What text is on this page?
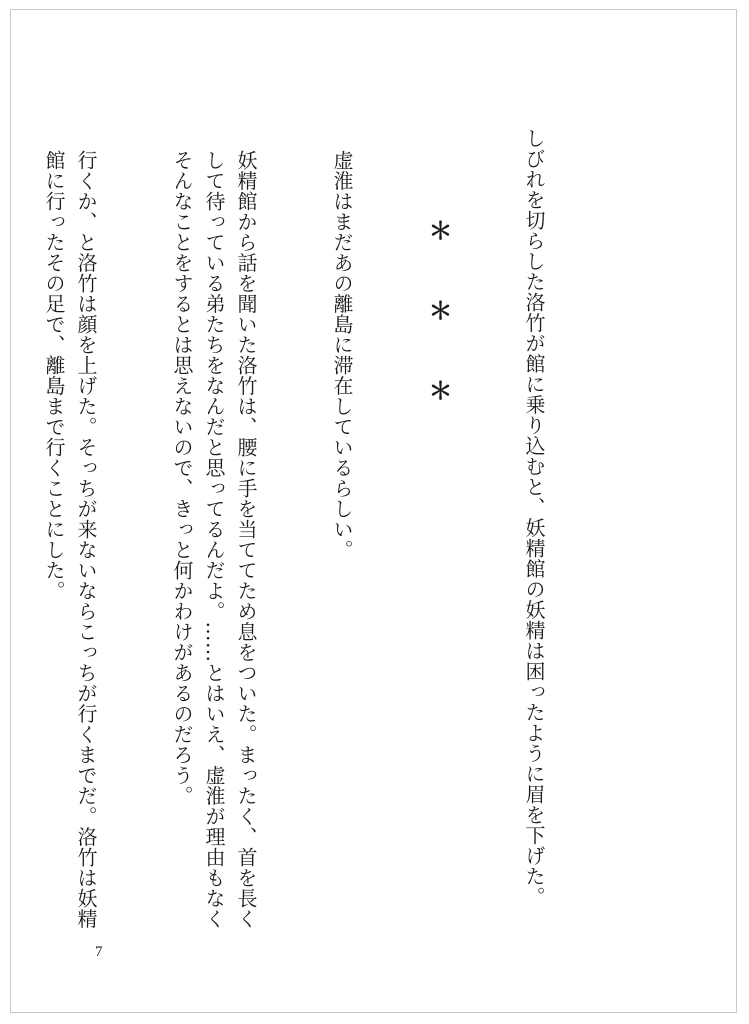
しびれを切らした洛竹が館に乗り込むと、妖精館の妖精は困ったように眉を下げた。

＊＊＊

虚淮はまだあの離島に滞在しているらしい。

妖精館から話を聞いた洛竹は、腰に手を当ててため息をついた。まったく、首を長くして待っている弟たちをなんだと思ってるんだよ。……とはいえ、虚淮が理由もなくそんなことをするとは思えないので、きっと何かわけがあるのだろう。

行くか、と洛竹は顔を上げた。そっちが来ないならこっちが行くまでだ。洛竹は妖精館に行ったその足で、離島まで行くことにした。

7
